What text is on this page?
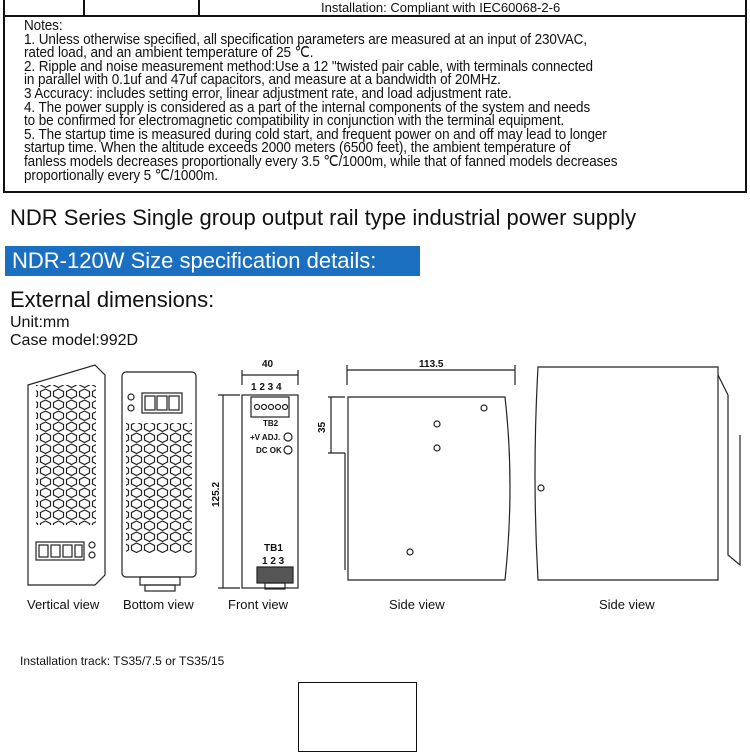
Installation: Compliant with IEC60068-2-6
Notes:
1. Unless otherwise specified, all specification parameters are measured at an input of 230VAC,
rated load, and an ambient temperature of 25 ℃.
2. Ripple and noise measurement method:Use a 12 "twisted pair cable, with terminals connected
in parallel with 0.1uf and 47uf capacitors, and measure at a bandwidth of 20MHz.
3 Accuracy: includes setting error, linear adjustment rate, and load adjustment rate.
4. The power supply is considered as a part of the internal components of the system and needs
to be confirmed for electromagnetic compatibility in conjunction with the terminal equipment.
5. The startup time is measured during cold start, and frequent power on and off may lead to longer
startup time. When the altitude exceeds 2000 meters (6500 feet), the ambient temperature of
fanless models decreases proportionally every 3.5 ℃/1000m, while that of fanned models decreases
proportionally every 5 ℃/1000m.
NDR Series Single group output rail type industrial power supply
NDR-120W Size specification details:
External dimensions:
Unit:mm
Case model:992D
40
1 2 3 4
TB2
+V ADJ.
DC OK
TB1
1 2 3
113.5
125.2
35
Vertical view Bottom view	Front view	Side view	Side view
Installation track: TS35/7.5 or TS35/15
